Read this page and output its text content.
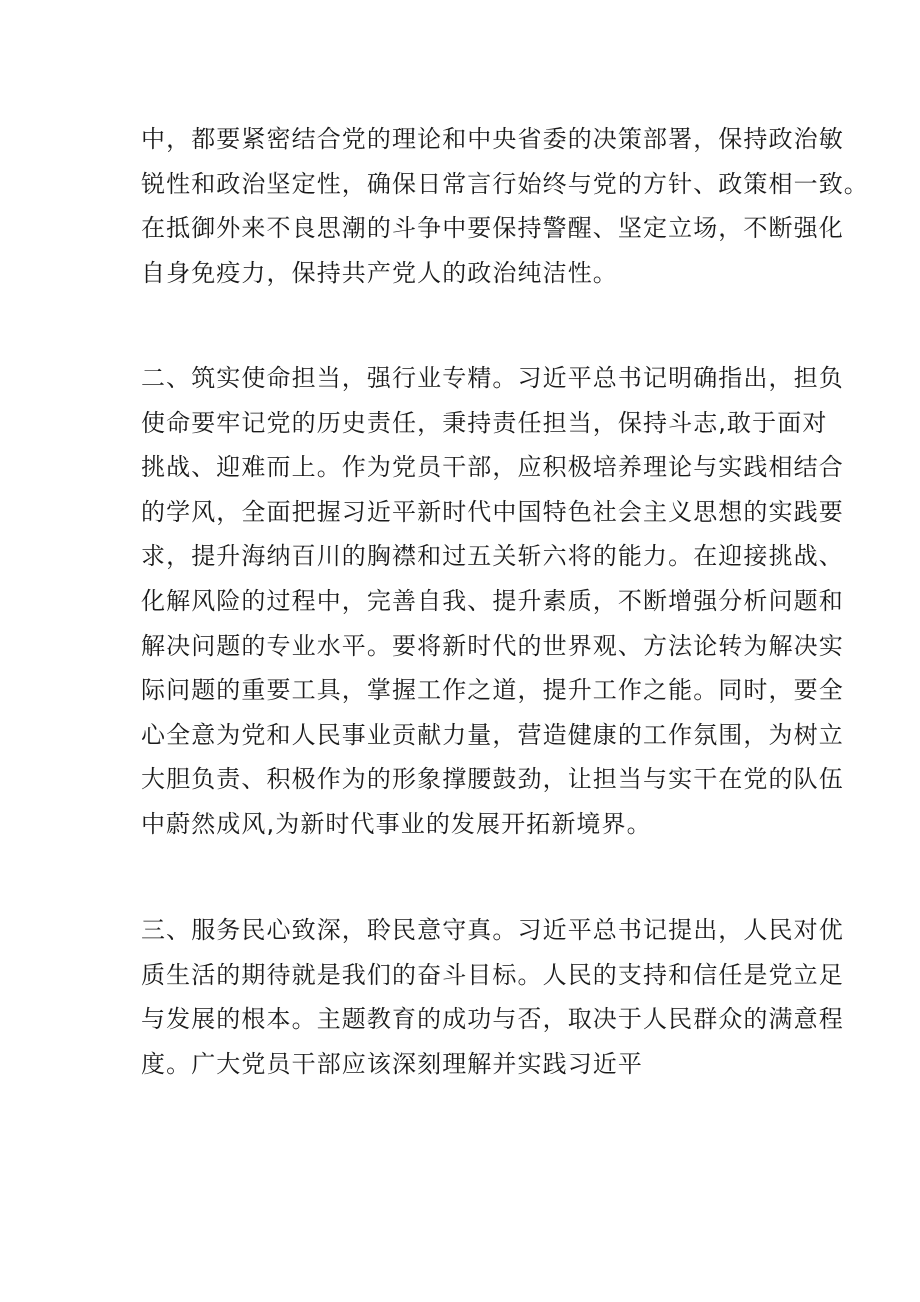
中，都要紧密结合党的理论和中央省委的决策部署，保持政治敏
锐性和政治坚定性，确保日常言行始终与党的方针、政策相一致。
在抵御外来不良思潮的斗争中要保持警醒、坚定立场，不断强化
自身免疫力，保持共产党人的政治纯洁性。
二、筑实使命担当，强行业专精。习近平总书记明确指出，担负
使命要牢记党的历史责任，秉持责任担当，保持斗志,敢于面对
挑战、迎难而上。作为党员干部，应积极培养理论与实践相结合
的学风，全面把握习近平新时代中国特色社会主义思想的实践要
求，提升海纳百川的胸襟和过五关斩六将的能力。在迎接挑战、
化解风险的过程中，完善自我、提升素质，不断增强分析问题和
解决问题的专业水平。要将新时代的世界观、方法论转为解决实
际问题的重要工具，掌握工作之道，提升工作之能。同时，要全
心全意为党和人民事业贡献力量，营造健康的工作氛围，为树立
大胆负责、积极作为的形象撑腰鼓劲，让担当与实干在党的队伍
中蔚然成风,为新时代事业的发展开拓新境界。
三、服务民心致深，聆民意守真。习近平总书记提出，人民对优
质生活的期待就是我们的奋斗目标。人民的支持和信任是党立足
与发展的根本。主题教育的成功与否，取决于人民群众的满意程
度。广大党员干部应该深刻理解并实践习近平
